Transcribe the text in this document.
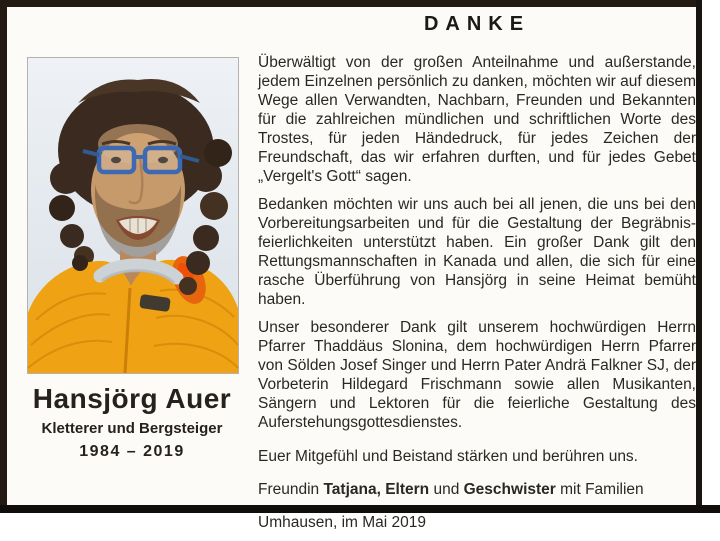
Hansjörg Auer
Kletterer und Bergsteiger
1984 – 2019
DANKE

Überwältigt von der großen Anteilnahme und außerstande, jedem Einzelnen persönlich zu danken, möchten wir auf diesem Wege allen Verwandten, Nachbarn, Freunden und Bekannten für die zahlreichen mündlichen und schriftlichen Worte des Trostes, für jeden Händedruck, für jedes Zeichen der Freundschaft, das wir erfahren durften, und für jedes Gebet „Vergelt's Gott“ sagen.

Bedanken möchten wir uns auch bei all jenen, die uns bei den Vorbereitungsarbeiten und für die Gestaltung der Begräbnisfeierlichkeiten unterstützt haben. Ein großer Dank gilt den Rettungsmannschaften in Kanada und allen, die sich für eine rasche Überführung von Hansjörg in seine Heimat bemüht haben.

Unser besonderer Dank gilt unserem hochwürdigen Herrn Pfarrer Thaddäus Slonina, dem hochwürdigen Herrn Pfarrer von Sölden Josef Singer und Herrn Pater Andrä Falkner SJ, der Vorbeterin Hildegard Frischmann sowie allen Musikanten, Sängern und Lektoren für die feierliche Gestaltung des Auferstehungsgottesdienstes.

Euer Mitgefühl und Beistand stärken und berühren uns.

Freundin Tatjana, Eltern und Geschwister mit Familien

Umhausen, im Mai 2019
